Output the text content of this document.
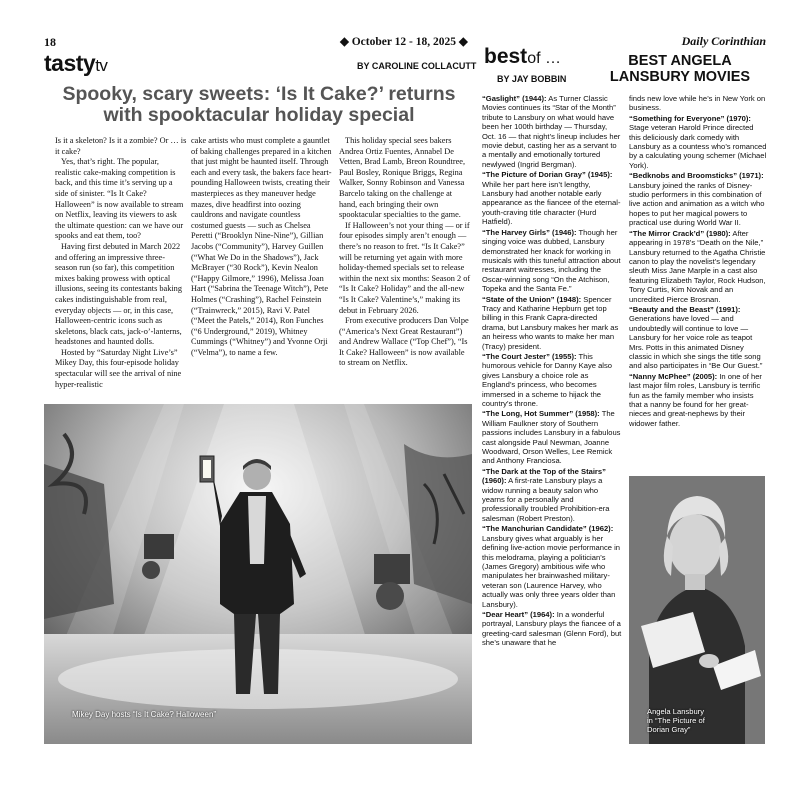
18	◆ October 12 - 18, 2025 ◆	Daily Corinthian
tastytv	BY CAROLINE COLLACUTT
Spooky, scary sweets: ‘Is It Cake?’ returns with spooktacular holiday special

Is it a skeleton? Is it a zombie? Or … is it cake?

Yes, that’s right. The popular, realistic cake-making competition is back, and this time it’s serving up a side of sinister. “Is It Cake? Halloween” is now available to stream on Netflix, leaving its viewers to ask the ultimate question: can we have our spooks and eat them, too?

Having first debuted in March 2022 and offering an impressive three-season run (so far), this competition mixes baking prowess with optical illusions, seeing its contestants baking cakes indistinguishable from real, everyday objects — or, in this case, Halloween-centric icons such as skeletons, black cats, jack-o’-lanterns, headstones and haunted dolls.

Hosted by “Saturday Night Live’s” Mikey Day, this four-episode holiday spectacular will see the arrival of nine hyper-realistic

cake artists who must complete a gauntlet of baking challenges prepared in a kitchen that just might be haunted itself. Through each and every task, the bakers face heart-pounding Halloween twists, creating their masterpieces as they maneuver hedge mazes, dive headfirst into oozing cauldrons and navigate countless costumed guests — such as Chelsea Peretti (“Brooklyn Nine-Nine”), Gillian Jacobs (“Community”), Harvey Guillen (“What We Do in the Shadows”), Jack McBrayer (“30 Rock”), Kevin Nealon (“Happy Gilmore,” 1996), Melissa Joan Hart (“Sabrina the Teenage Witch”), Pete Holmes (“Crashing”), Rachel Feinstein (“Trainwreck,” 2015), Ravi V. Patel (“Meet the Patels,” 2014), Ron Funches (“6 Underground,” 2019), Whitney Cummings (“Whitney”) and Yvonne Orji (“Velma”), to name a few.

This holiday special sees bakers Andrea Ortiz Fuentes, Annabel De Vetten, Brad Lamb, Breon Roundtree, Paul Bosley, Ronique Briggs, Regina Walker, Sonny Robinson and Vanessa Barcelo taking on the challenge at hand, each bringing their own spooktacular specialties to the game.

If Halloween’s not your thing — or if four episodes simply aren’t enough — there’s no reason to fret. “Is It Cake?” will be returning yet again with more holiday-themed specials set to release within the next six months: Season 2 of “Is It Cake? Holiday” and the all-new “Is It Cake? Valentine’s,” making its debut in February 2026.

From executive producers Dan Volpe (“America’s Next Great Restaurant”) and Andrew Wallace (“Top Chef”), “Is It Cake? Halloween” is now available to stream on Netflix.

Mikey Day hosts “Is It Cake? Halloween”
bestof …
BY JAY BOBBIN
BEST ANGELA LANSBURY MOVIES
“Gaslight” (1944): As Turner Classic Movies continues its “Star of the Month” tribute to Lansbury on what would have been her 100th birthday — Thursday, Oct. 16 — that night’s lineup includes her movie debut, casting her as a servant to a mentally and emotionally tortured newlywed (Ingrid Bergman).
“The Picture of Dorian Gray” (1945): While her part here isn’t lengthy, Lansbury had another notable early appearance as the fiancee of the eternal-youth-craving title character (Hurd Hatfield).
“The Harvey Girls” (1946): Though her singing voice was dubbed, Lansbury demonstrated her knack for working in musicals with this tuneful attraction about restaurant waitresses, including the Oscar-winning song “On the Atchison, Topeka and the Santa Fe.”
“State of the Union” (1948): Spencer Tracy and Katharine Hepburn get top billing in this Frank Capra-directed drama, but Lansbury makes her mark as an heiress who wants to make her man (Tracy) president.
“The Court Jester” (1955): This humorous vehicle for Danny Kaye also gives Lansbury a choice role as England’s princess, who becomes immersed in a scheme to hijack the country’s throne.
“The Long, Hot Summer” (1958): The William Faulkner story of Southern passions includes Lansbury in a fabulous cast alongside Paul Newman, Joanne Woodward, Orson Welles, Lee Remick and Anthony Franciosa.
“The Dark at the Top of the Stairs” (1960): A first-rate Lansbury plays a widow running a beauty salon who yearns for a personally and professionally troubled Prohibition-era salesman (Robert Preston).
“The Manchurian Candidate” (1962): Lansbury gives what arguably is her defining live-action movie performance in this melodrama, playing a politician’s (James Gregory) ambitious wife who manipulates her brainwashed military-veteran son (Laurence Harvey, who actually was only three years older than Lansbury).
“Dear Heart” (1964): In a wonderful portrayal, Lansbury plays the fiancee of a greeting-card salesman (Glenn Ford), but she’s unaware that he
finds new love while he’s in New York on business.
“Something for Everyone” (1970): Stage veteran Harold Prince directed this deliciously dark comedy with Lansbury as a countess who’s romanced by a calculating young schemer (Michael York).
“Bedknobs and Broomsticks” (1971): Lansbury joined the ranks of Disney-studio performers in this combination of live action and animation as a witch who hopes to put her magical powers to practical use during World War II.
“The Mirror Crack’d” (1980): After appearing in 1978’s “Death on the Nile,” Lansbury returned to the Agatha Christie canon to play the novelist’s legendary sleuth Miss Jane Marple in a cast also featuring Elizabeth Taylor, Rock Hudson, Tony Curtis, Kim Novak and an uncredited Pierce Brosnan.
“Beauty and the Beast” (1991): Generations have loved — and undoubtedly will continue to love — Lansbury for her voice role as teapot Mrs. Potts in this animated Disney classic in which she sings the title song and also participates in “Be Our Guest.”
“Nanny McPhee” (2005): In one of her last major film roles, Lansbury is terrific fun as the family member who insists that a nanny be found for her great-nieces and great-nephews by their widower father.
Angela Lansbury
in “The Picture of
Dorian Gray”
